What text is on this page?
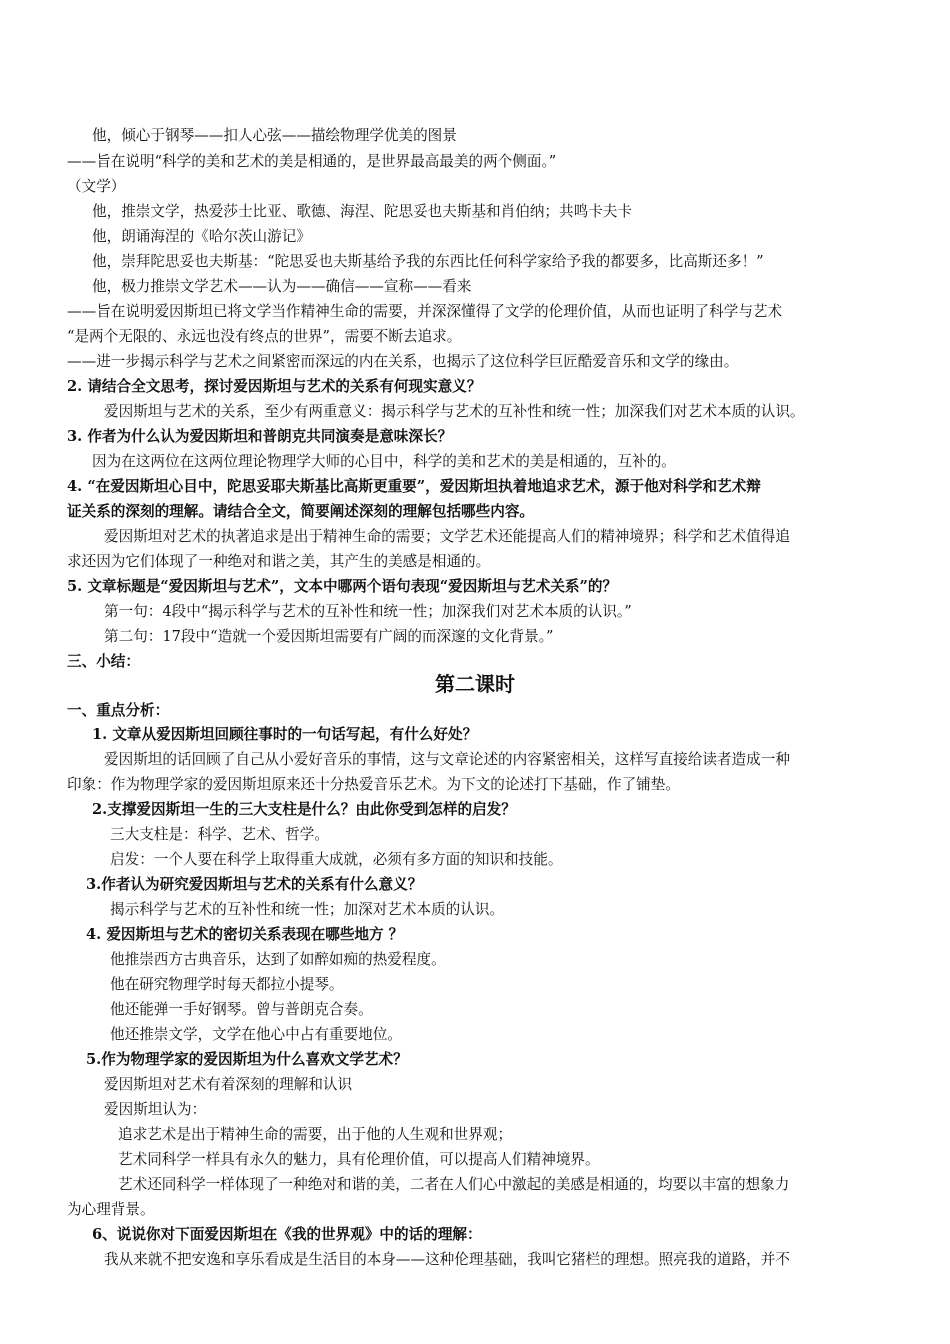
他，倾心于钢琴——扣人心弦——描绘物理学优美的图景
——旨在说明“科学的美和艺术的美是相通的，是世界最高最美的两个侧面。”
（文学）
他，推崇文学，热爱莎士比亚、歌德、海涅、陀思妥也夫斯基和肖伯纳；共鸣卡夫卡
他，朗诵海涅的《哈尔茨山游记》
他，崇拜陀思妥也夫斯基：“陀思妥也夫斯基给予我的东西比任何科学家给予我的都要多，比高斯还多！”
他，极力推崇文学艺术——认为——确信——宣称——看来
——旨在说明爱因斯坦已将文学当作精神生命的需要，并深深懂得了文学的伦理价值，从而也证明了科学与艺术
“是两个无限的、永远也没有终点的世界”，需要不断去追求。
——进一步揭示科学与艺术之间紧密而深远的内在关系，也揭示了这位科学巨匠酷爱音乐和文学的缘由。
2. 请结合全文思考，探讨爱因斯坦与艺术的关系有何现实意义？
爱因斯坦与艺术的关系，至少有两重意义：揭示科学与艺术的互补性和统一性；加深我们对艺术本质的认识。
3. 作者为什么认为爱因斯坦和普朗克共同演奏是意味深长？
因为在这两位在这两位理论物理学大师的心目中，科学的美和艺术的美是相通的，互补的。
4. “在爱因斯坦心目中，陀思妥耶夫斯基比高斯更重要”，爱因斯坦执着地追求艺术，源于他对科学和艺术辩
证关系的深刻的理解。请结合全文，简要阐述深刻的理解包括哪些内容。
爱因斯坦对艺术的执著追求是出于精神生命的需要；文学艺术还能提高人们的精神境界；科学和艺术值得追
求还因为它们体现了一种绝对和谐之美，其产生的美感是相通的。
5. 文章标题是“爱因斯坦与艺术”，文本中哪两个语句表现“爱因斯坦与艺术关系”的？
第一句：4段中“揭示科学与艺术的互补性和统一性；加深我们对艺术本质的认识。”
第二句：17段中“造就一个爱因斯坦需要有广阔的而深邃的文化背景。”
三、小结：
一、重点分析：
1. 文章从爱因斯坦回顾往事时的一句话写起，有什么好处？
爱因斯坦的话回顾了自己从小爱好音乐的事情，这与文章论述的内容紧密相关，这样写直接给读者造成一种
印象：作为物理学家的爱因斯坦原来还十分热爱音乐艺术。为下文的论述打下基础，作了铺垫。
2.支撑爱因斯坦一生的三大支柱是什么？由此你受到怎样的启发？
三大支柱是：科学、艺术、哲学。
启发：一个人要在科学上取得重大成就，必须有多方面的知识和技能。
3.作者认为研究爱因斯坦与艺术的关系有什么意义？
揭示科学与艺术的互补性和统一性；加深对艺术本质的认识。
4. 爱因斯坦与艺术的密切关系表现在哪些地方 ？
他推崇西方古典音乐，达到了如醉如痴的热爱程度。
他在研究物理学时每天都拉小提琴。
他还能弹一手好钢琴。曾与普朗克合奏。
他还推崇文学，文学在他心中占有重要地位。
5.作为物理学家的爱因斯坦为什么喜欢文学艺术？
爱因斯坦对艺术有着深刻的理解和认识
爱因斯坦认为：
追求艺术是出于精神生命的需要，出于他的人生观和世界观；
艺术同科学一样具有永久的魅力，具有伦理价值，可以提高人们精神境界。
艺术还同科学一样体现了一种绝对和谐的美，二者在人们心中激起的美感是相通的，均要以丰富的想象力
为心理背景。
6、说说你对下面爱因斯坦在《我的世界观》中的话的理解：
我从来就不把安逸和享乐看成是生活目的本身——这种伦理基础，我叫它猪栏的理想。照亮我的道路，并不
第二课时
